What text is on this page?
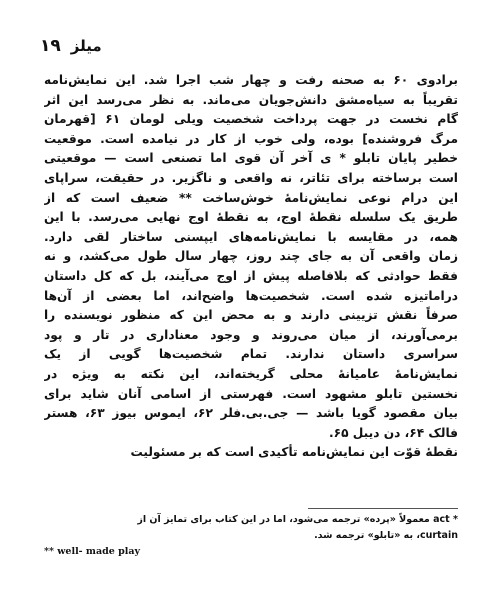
۱۹ میلز
برادوی ۶۰ به صحنه رفت و چهار شب اجرا شد. این نمایش‌نامه
تقریباً به سیاه‌مشق دانش‌جویان می‌ماند. به نظر می‌رسد این اثر
گام نخست در جهت پرداخت شخصیت ویلی لومان ۶۱ [قهرمان
مرگ فروشنده] بوده، ولی خوب از کار در نیامده است. موقعیت
خطیر پایان تابلو * ی آخر آن قوی اما تصنعی است — موقعیتی
است برساخته برای تئاتر، نه واقعی و ناگزیر. در حقیقت، سراپای
این درام نوعی نمایش‌نامهٔ خوش‌ساخت ** ضعیف است که از
طریق یک سلسله نقطهٔ اوج، به نقطهٔ اوج نهایی می‌رسد. با این
همه، در مقایسه با نمایش‌نامه‌های ایپسنی ساختار لقی دارد.
زمان واقعی آن به جای چند روز، چهار سال طول می‌کشد، و نه
فقط حوادثی که بلافاصله پیش از اوج می‌آیند، بل که کل داستان
دراماتیزه شده است. شخصیت‌ها واضح‌اند، اما بعضی از آن‌ها
صرفاً نقش تزیینی دارند و به محض این که منظور نویسنده را
برمی‌آورند، از میان می‌روند و وجود معناداری در تار و پود
سراسری داستان ندارند. تمام شخصیت‌ها گویی از یک
نمایش‌نامهٔ عامیانهٔ محلی گریخته‌اند، این نکته به ویژه در
نخستین تابلو مشهود است. فهرستی از اسامی آنان شاید برای
بیان مقصود گویا باشد — جی.بی.فلر ۶۲، ایموس بیوز ۶۳، هستر
فالک ۶۴، دن دیبل ۶۵.
نقطهٔ قوّت این نمایش‌نامه تأکیدی است که بر مسئولیت
* act معمولاً «پرده» ترجمه می‌شود، اما در این کتاب برای تمایز آن از
curtain، به «تابلو» ترجمه شد.
** well- made play
